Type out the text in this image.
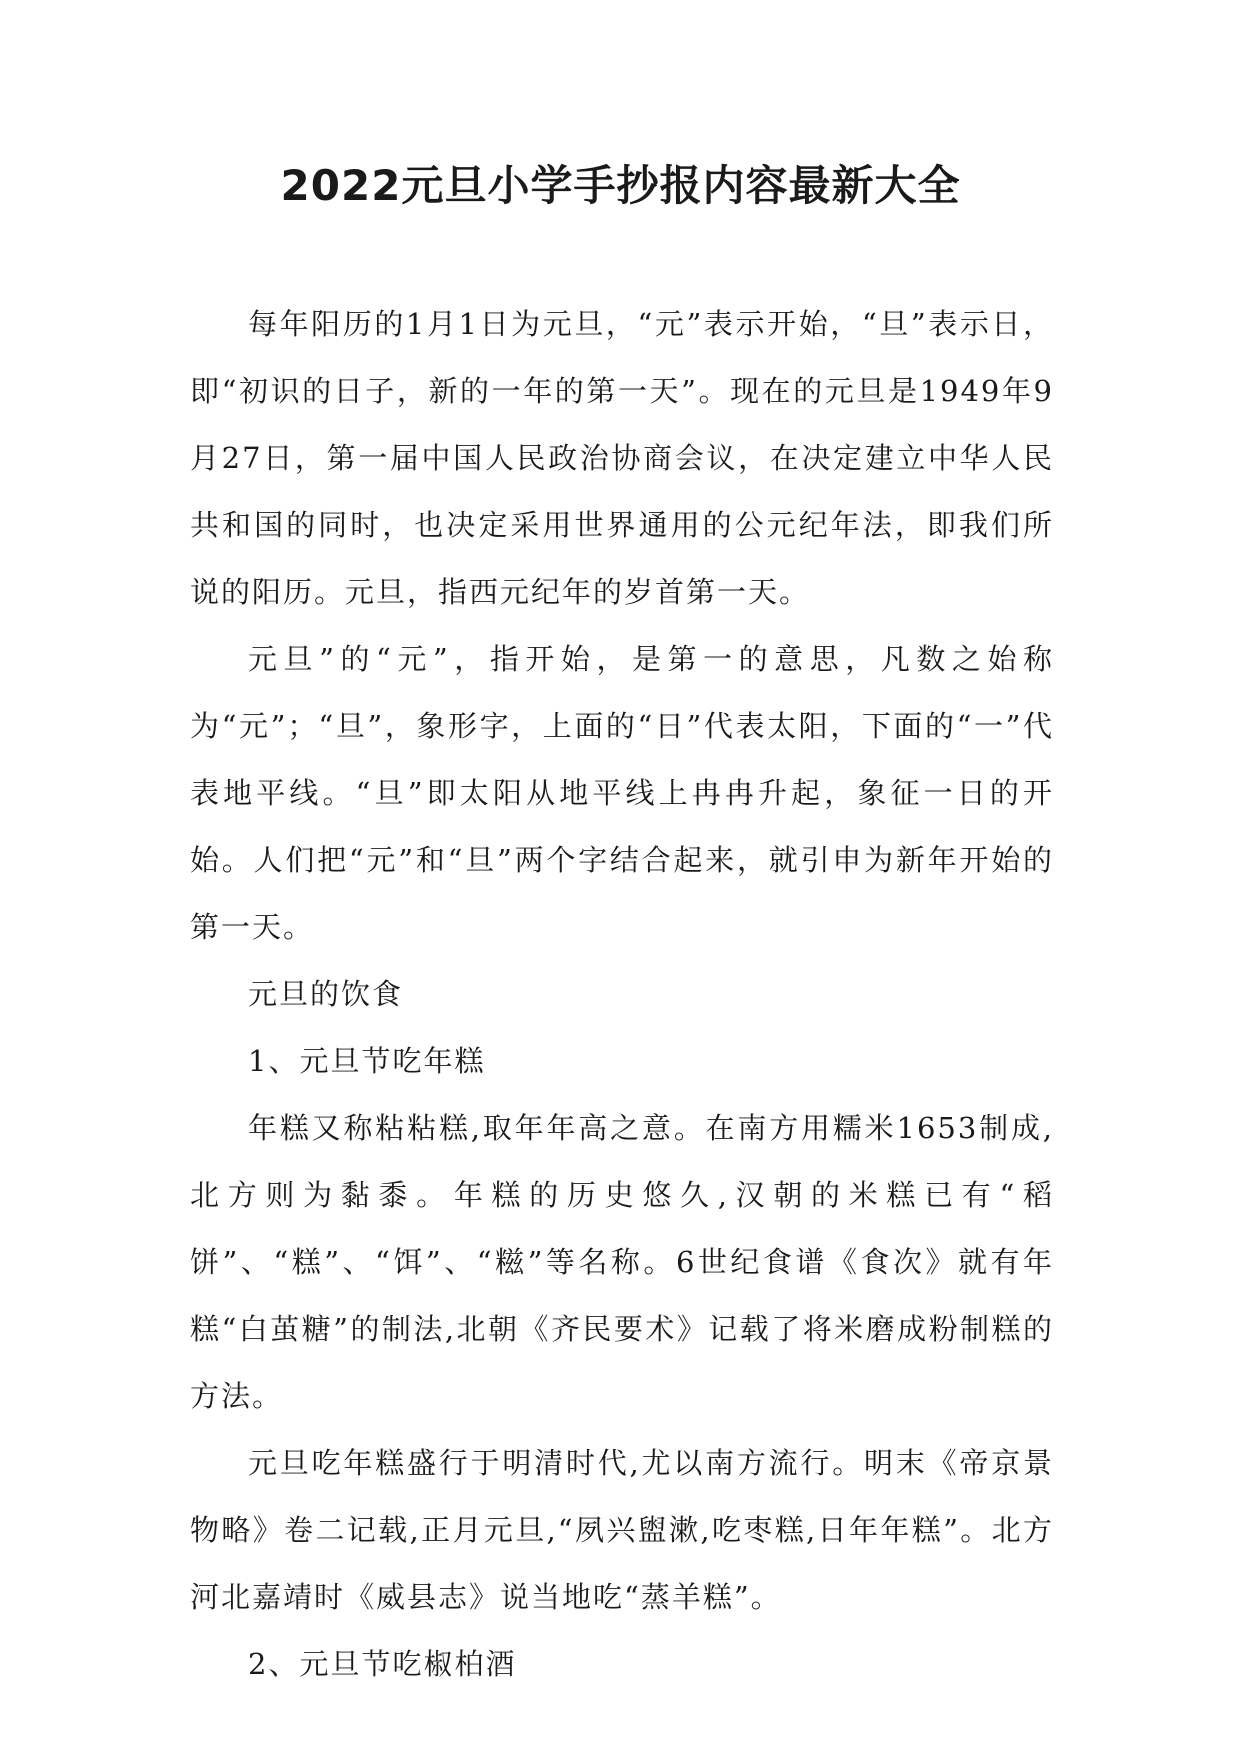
2022元旦小学手抄报内容最新大全

每年阳历的1月1日为元旦，“元”表示开始，“旦”表示日，即“初识的日子，新的一年的第一天”。现在的元旦是1949年9月27日，第一届中国人民政治协商会议，在决定建立中华人民共和国的同时，也决定采用世界通用的公元纪年法，即我们所说的阳历。元旦，指西元纪年的岁首第一天。

元旦”的“元”，指开始，是第一的意思，凡数之始称为“元”；“旦”，象形字，上面的“日”代表太阳，下面的“一”代表地平线。“旦”即太阳从地平线上冉冉升起，象征一日的开始。人们把“元”和“旦”两个字结合起来，就引申为新年开始的第一天。

元旦的饮食

1、元旦节吃年糕

年糕又称粘粘糕,取年年高之意。在南方用糯米1653制成,北方则为黏黍。年糕的历史悠久,汉朝的米糕已有“稻饼”、“糕”、“饵”、“糍”等名称。6世纪食谱《食次》就有年糕“白茧糖”的制法,北朝《齐民要术》记载了将米磨成粉制糕的方法。

元旦吃年糕盛行于明清时代,尤以南方流行。明末《帝京景物略》卷二记载,正月元旦,“夙兴盥漱,吃枣糕,日年年糕”。北方河北嘉靖时《威县志》说当地吃“蒸羊糕”。

2、元旦节吃椒柏酒
